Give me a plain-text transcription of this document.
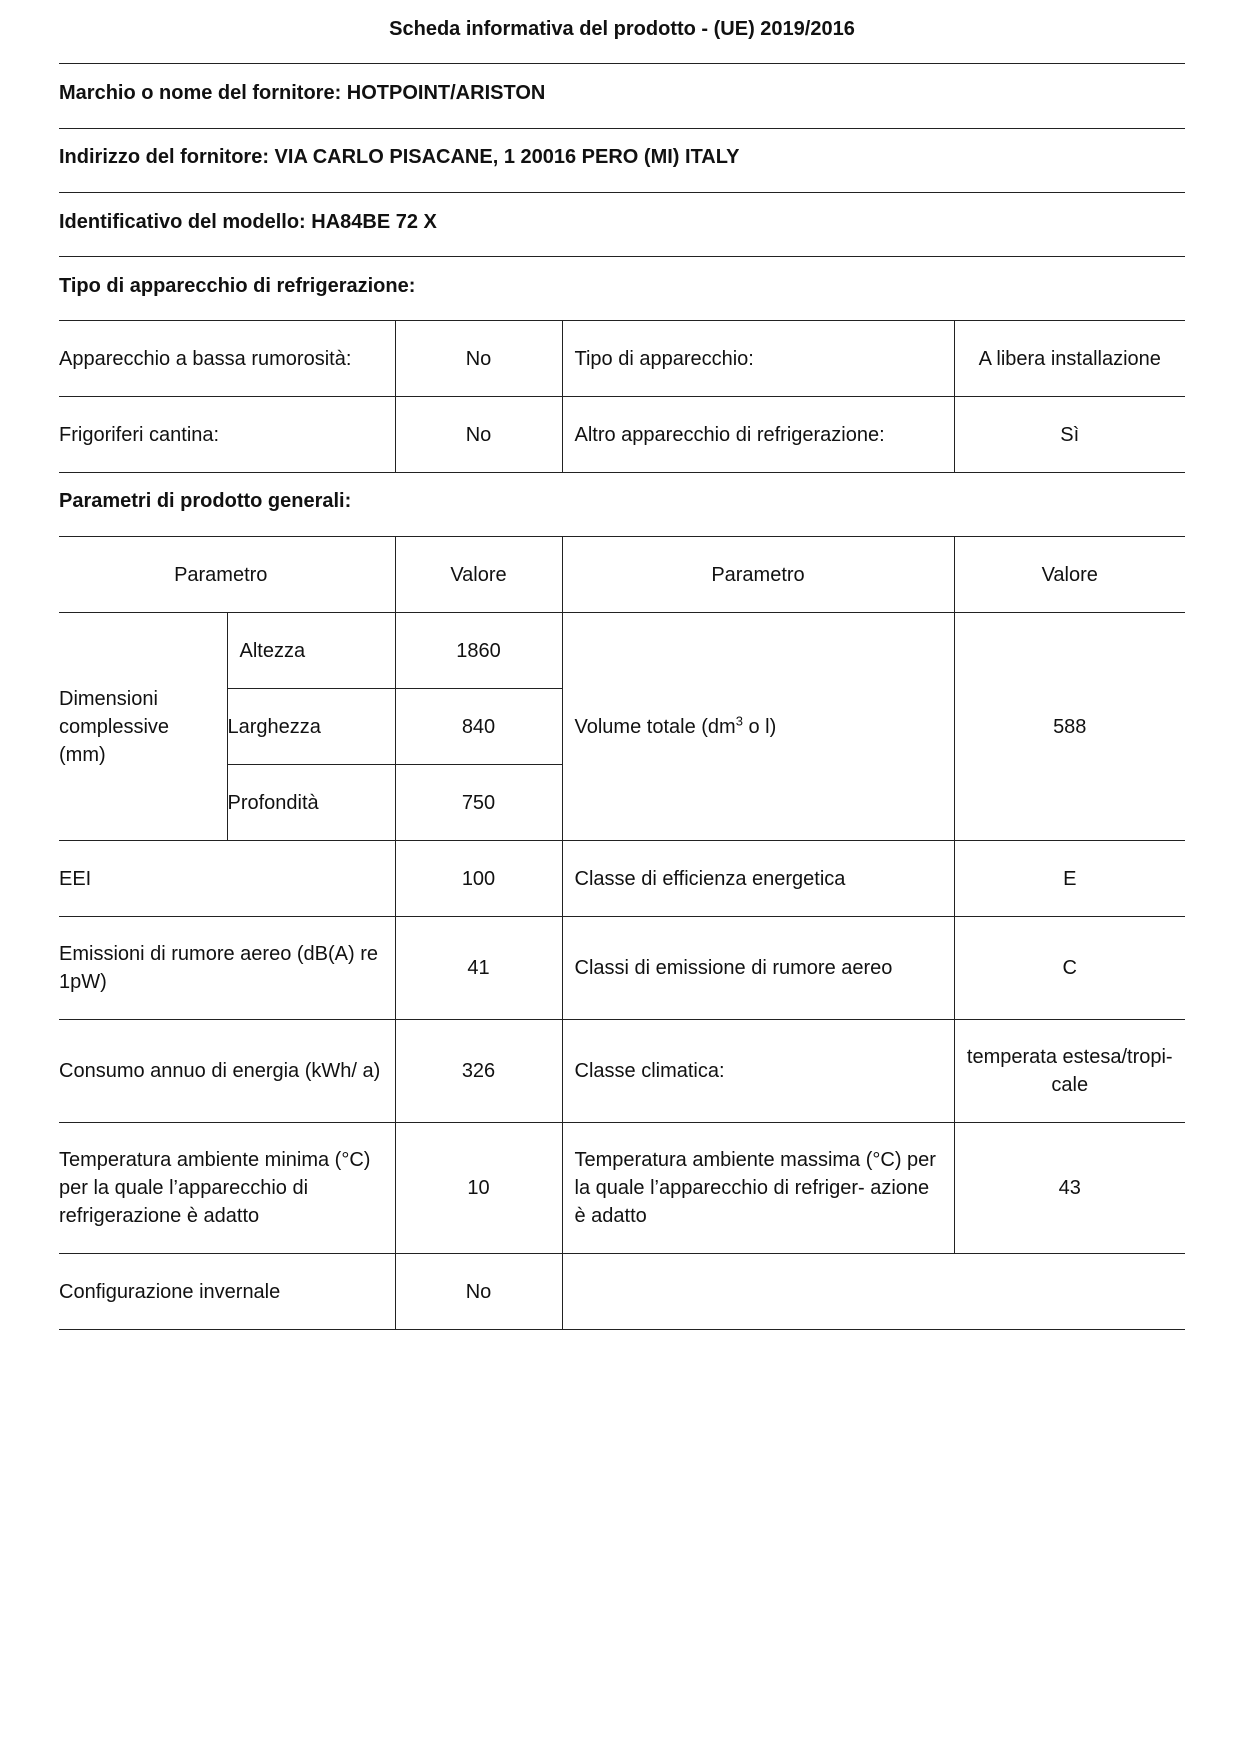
Scheda informativa del prodotto - (UE) 2019/2016
Marchio o nome del fornitore: HOTPOINT/ARISTON
Indirizzo del fornitore: VIA CARLO PISACANE, 1 20016 PERO (MI) ITALY
Identificativo del modello: HA84BE 72 X
Tipo di apparecchio di refrigerazione:
Apparecchio a bassa rumorosità:	No	Tipo di apparecchio:	A libera installazione
Frigoriferi cantina:	No	Altro apparecchio di refrigerazione:	Sì
Parametri di prodotto generali:
Parametro		Valore	Parametro	Valore
Dimensioni complessive (mm)	Altezza	1860	Volume totale ($dm^3$ o l)	588
	Larghezza	840		
	Profondità	750		
EEI		100	Classe di efficienza energetica	E
Emissioni di rumore aereo (dB(A) re 1pW)		41	Classi di emissione di rumore aereo	C
Consumo annuo di energia (kWh/ a)		326	Classe climatica:	temperata estesa/tropi- cale
Temperatura ambiente minima (°C) per la quale l’apparecchio di refrigerazione è adatto		10	Temperatura ambiente massima (°C) per la quale l’apparecchio di refriger- azione è adatto	43
Configurazione invernale		No		
